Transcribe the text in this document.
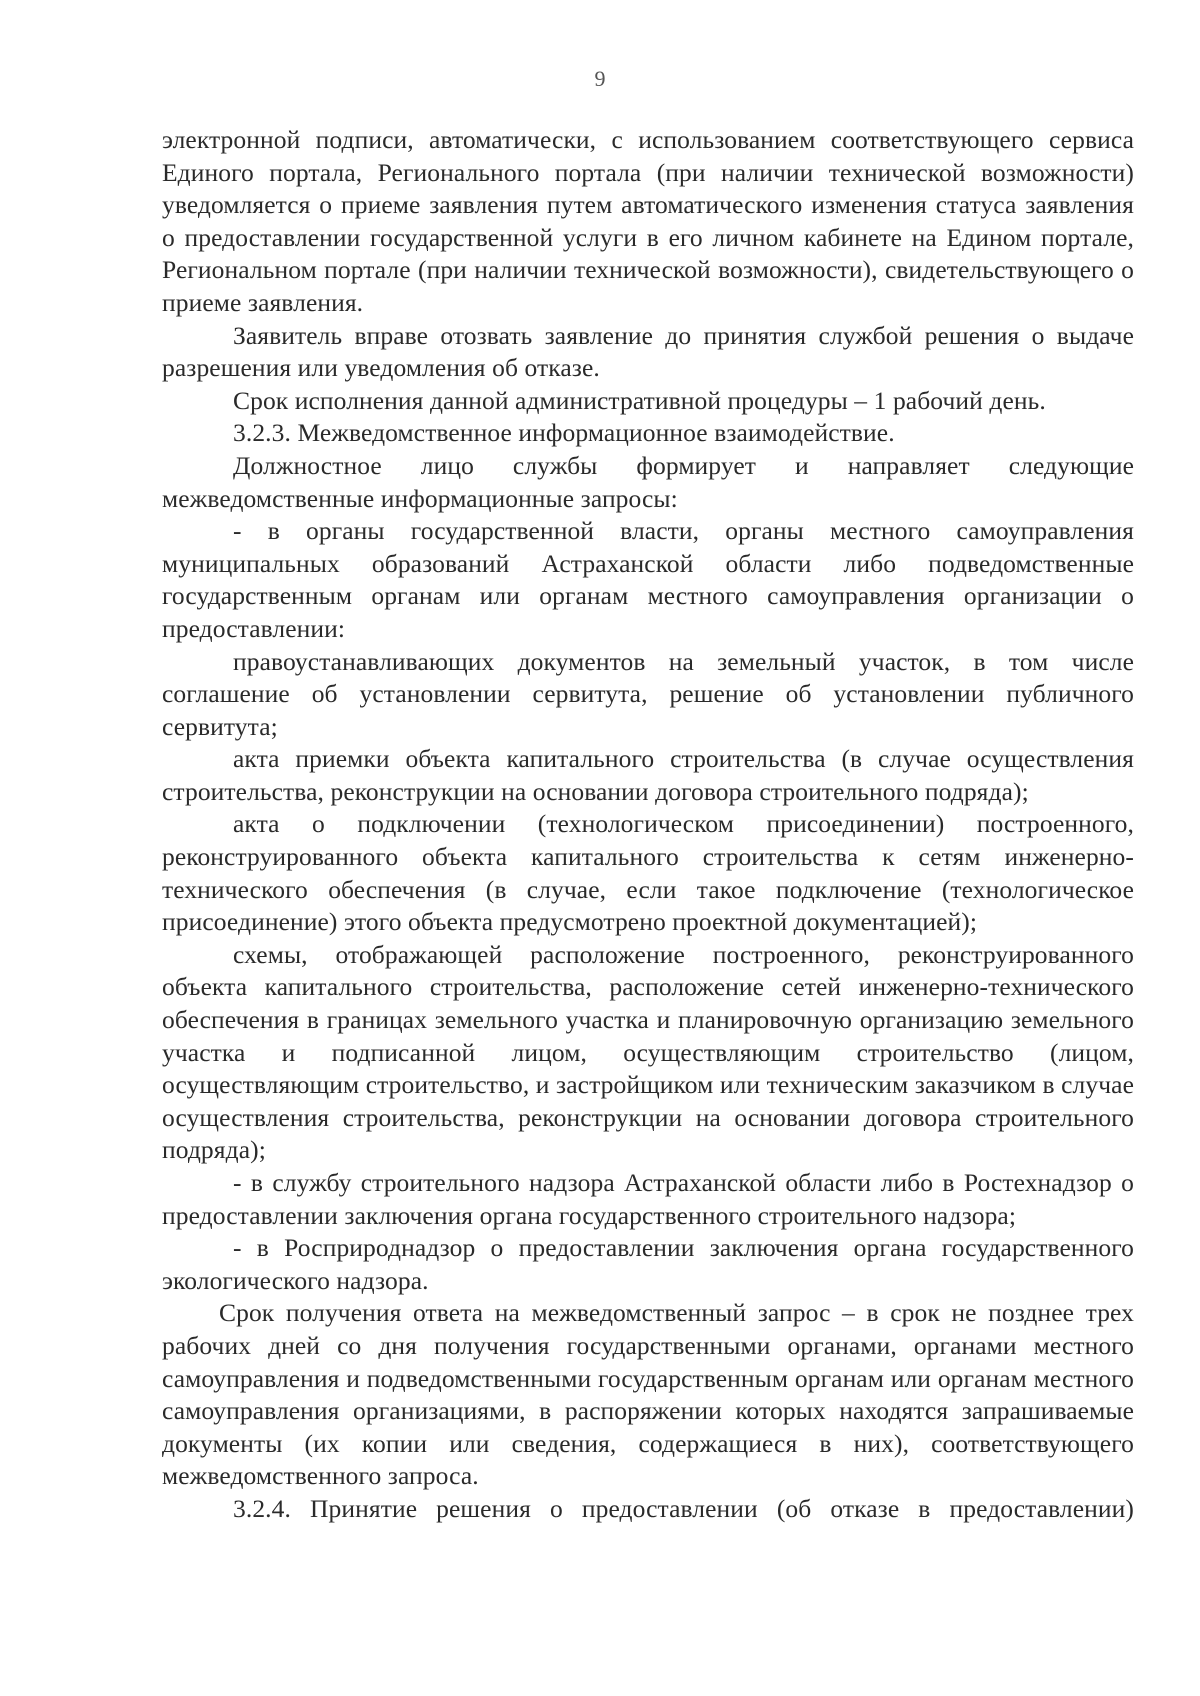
9

электронной подписи, автоматически, с использованием соответствующего сервиса Единого портала, Регионального портала (при наличии технической возможности) уведомляется о приеме заявления путем автоматического изменения статуса заявления о предоставлении государственной услуги в его личном кабинете на Едином портале, Региональном портале (при наличии технической возможности), свидетельствующего о приеме заявления.

Заявитель вправе отозвать заявление до принятия службой решения о выдаче разрешения или уведомления об отказе.

Срок исполнения данной административной процедуры – 1 рабочий день.

3.2.3. Межведомственное информационное взаимодействие.

Должностное лицо службы формирует и направляет следующие межведомственные информационные запросы:

- в органы государственной власти, органы местного самоуправления муниципальных образований Астраханской области либо подведомственные государственным органам или органам местного самоуправления организации о предоставлении:

правоустанавливающих документов на земельный участок, в том числе соглашение об установлении сервитута, решение об установлении публичного сервитута;

акта приемки объекта капитального строительства (в случае осуществления строительства, реконструкции на основании договора строительного подряда);

акта о подключении (технологическом присоединении) построенного, реконструированного объекта капитального строительства к сетям инженерно-технического обеспечения (в случае, если такое подключение (технологическое присоединение) этого объекта предусмотрено проектной документацией);

схемы, отображающей расположение построенного, реконструированного объекта капитального строительства, расположение сетей инженерно-технического обеспечения в границах земельного участка и планировочную организацию земельного участка и подписанной лицом, осуществляющим строительство (лицом, осуществляющим строительство, и застройщиком или техническим заказчиком в случае осуществления строительства, реконструкции на основании договора строительного подряда);

- в службу строительного надзора Астраханской области либо в Ростехнадзор о предоставлении заключения органа государственного строительного надзора;

- в Росприроднадзор о предоставлении заключения органа государственного экологического надзора.

Срок получения ответа на межведомственный запрос – в срок не позднее трех рабочих дней со дня получения государственными органами, органами местного самоуправления и подведомственными государственным органам или органам местного самоуправления организациями, в распоряжении которых находятся запрашиваемые документы (их копии или сведения, содержащиеся в них), соответствующего межведомственного запроса.

3.2.4. Принятие решения о предоставлении (об отказе в предоставлении)
